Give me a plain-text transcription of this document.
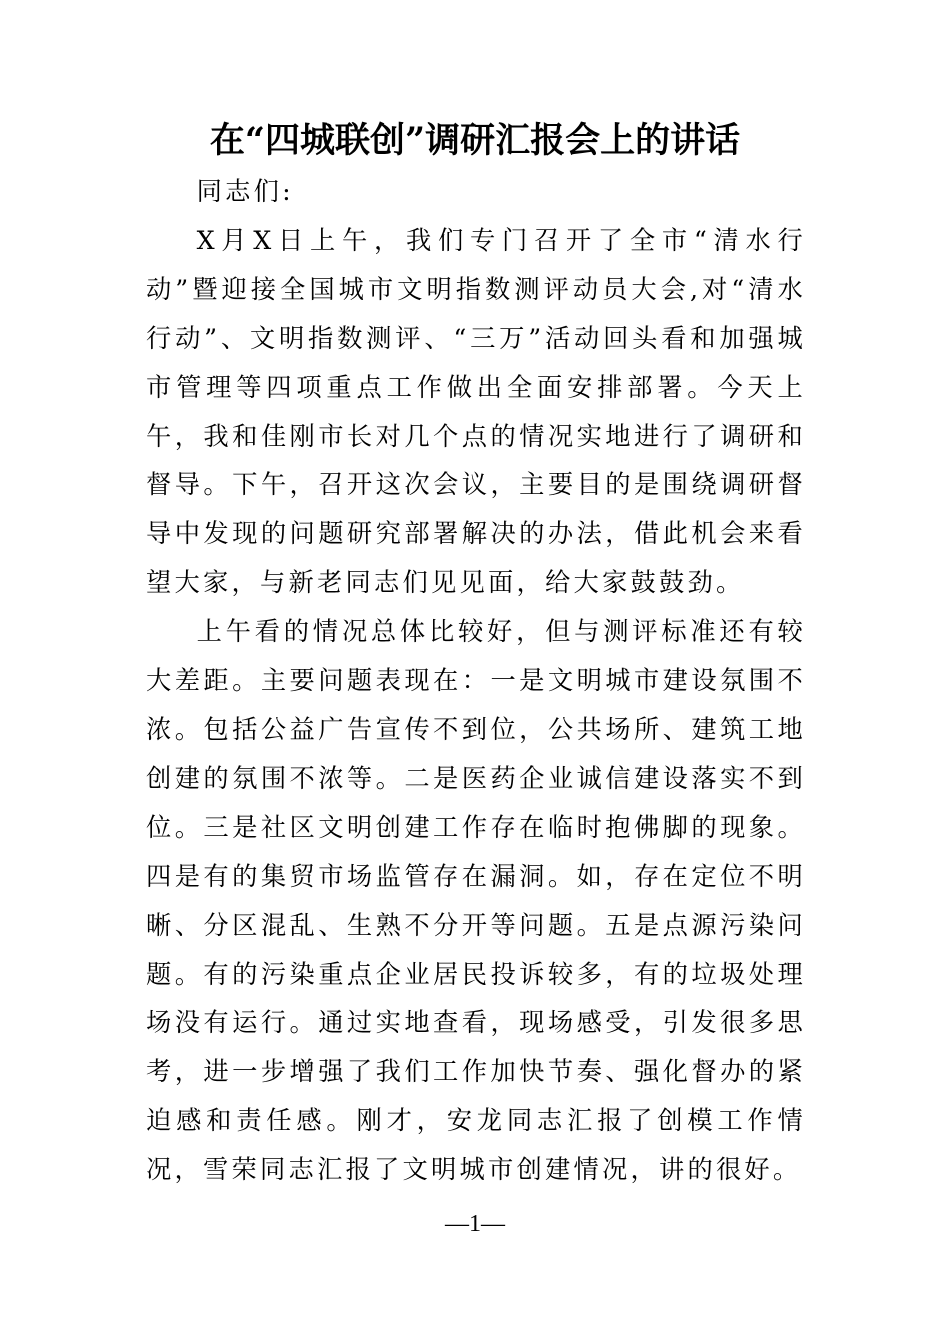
在“四城联创”调研汇报会上的讲话

同志们:

X月X日上午，我们专门召开了全市“清水行动”暨迎接全国城市文明指数测评动员大会,对“清水行动”、文明指数测评、“三万”活动回头看和加强城市管理等四项重点工作做出全面安排部署。今天上午，我和佳刚市长对几个点的情况实地进行了调研和督导。下午，召开这次会议，主要目的是围绕调研督导中发现的问题研究部署解决的办法，借此机会来看望大家，与新老同志们见见面，给大家鼓鼓劲。

上午看的情况总体比较好，但与测评标准还有较大差距。主要问题表现在：一是文明城市建设氛围不浓。包括公益广告宣传不到位，公共场所、建筑工地创建的氛围不浓等。二是医药企业诚信建设落实不到位。三是社区文明创建工作存在临时抱佛脚的现象。四是有的集贸市场监管存在漏洞。如，存在定位不明晰、分区混乱、生熟不分开等问题。五是点源污染问题。有的污染重点企业居民投诉较多，有的垃圾处理场没有运行。通过实地查看，现场感受，引发很多思考，进一步增强了我们工作加快节奏、强化督办的紧迫感和责任感。刚才，安龙同志汇报了创模工作情况，雪荣同志汇报了文明城市创建情况，讲的很好。

—1—
